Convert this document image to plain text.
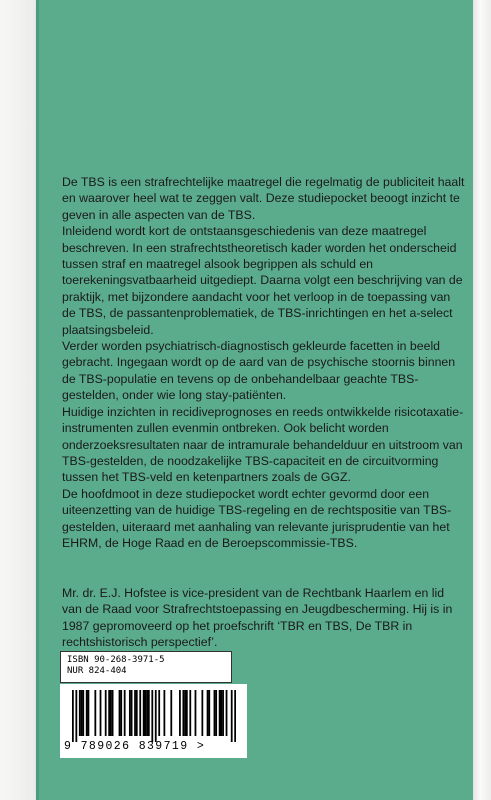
De TBS is een strafrechtelijke maatregel die regelmatig de publiciteit haalt en waarover heel wat te zeggen valt. Deze studiepocket beoogt inzicht te geven in alle aspecten van de TBS.

Inleidend wordt kort de ontstaansgeschiedenis van deze maatregel beschreven. In een strafrechtstheoretisch kader worden het onderscheid tussen straf en maatregel alsook begrippen als schuld en toerekeningsvatbaarheid uitgediept. Daarna volgt een beschrijving van de praktijk, met bijzondere aandacht voor het verloop in de toepassing van de TBS, de passantenproblematiek, de TBS-inrichtingen en het a-select plaatsingsbeleid.

Verder worden psychiatrisch-diagnostisch gekleurde facetten in beeld gebracht. Ingegaan wordt op de aard van de psychische stoornis binnen de TBS-populatie en tevens op de onbehandelbaar geachte TBS-gestelden, onder wie long stay-patiënten.

Huidige inzichten in recidiveprognoses en reeds ontwikkelde risicotaxatie-instrumenten zullen evenmin ontbreken. Ook belicht worden onderzoeksresultaten naar de intramurale behandelduur en uitstroom van TBS-gestelden, de noodzakelijke TBS-capaciteit en de circuitvorming tussen het TBS-veld en ketenpartners zoals de GGZ.

De hoofdmoot in deze studiepocket wordt echter gevormd door een uiteenzetting van de huidige TBS-regeling en de rechtspositie van TBS-gestelden, uiteraard met aanhaling van relevante jurisprudentie van het EHRM, de Hoge Raad en de Beroepscommissie-TBS.

Mr. dr. E.J. Hofstee is vice-president van de Rechtbank Haarlem en lid van de Raad voor Strafrechtstoepassing en Jeugdbescherming. Hij is in 1987 gepromoveerd op het proefschrift ‘TBR en TBS, De TBR in rechtshistorisch perspectief’.

ISBN 90-268-3971-5
NUR 824-404
9 789026 839719 >
